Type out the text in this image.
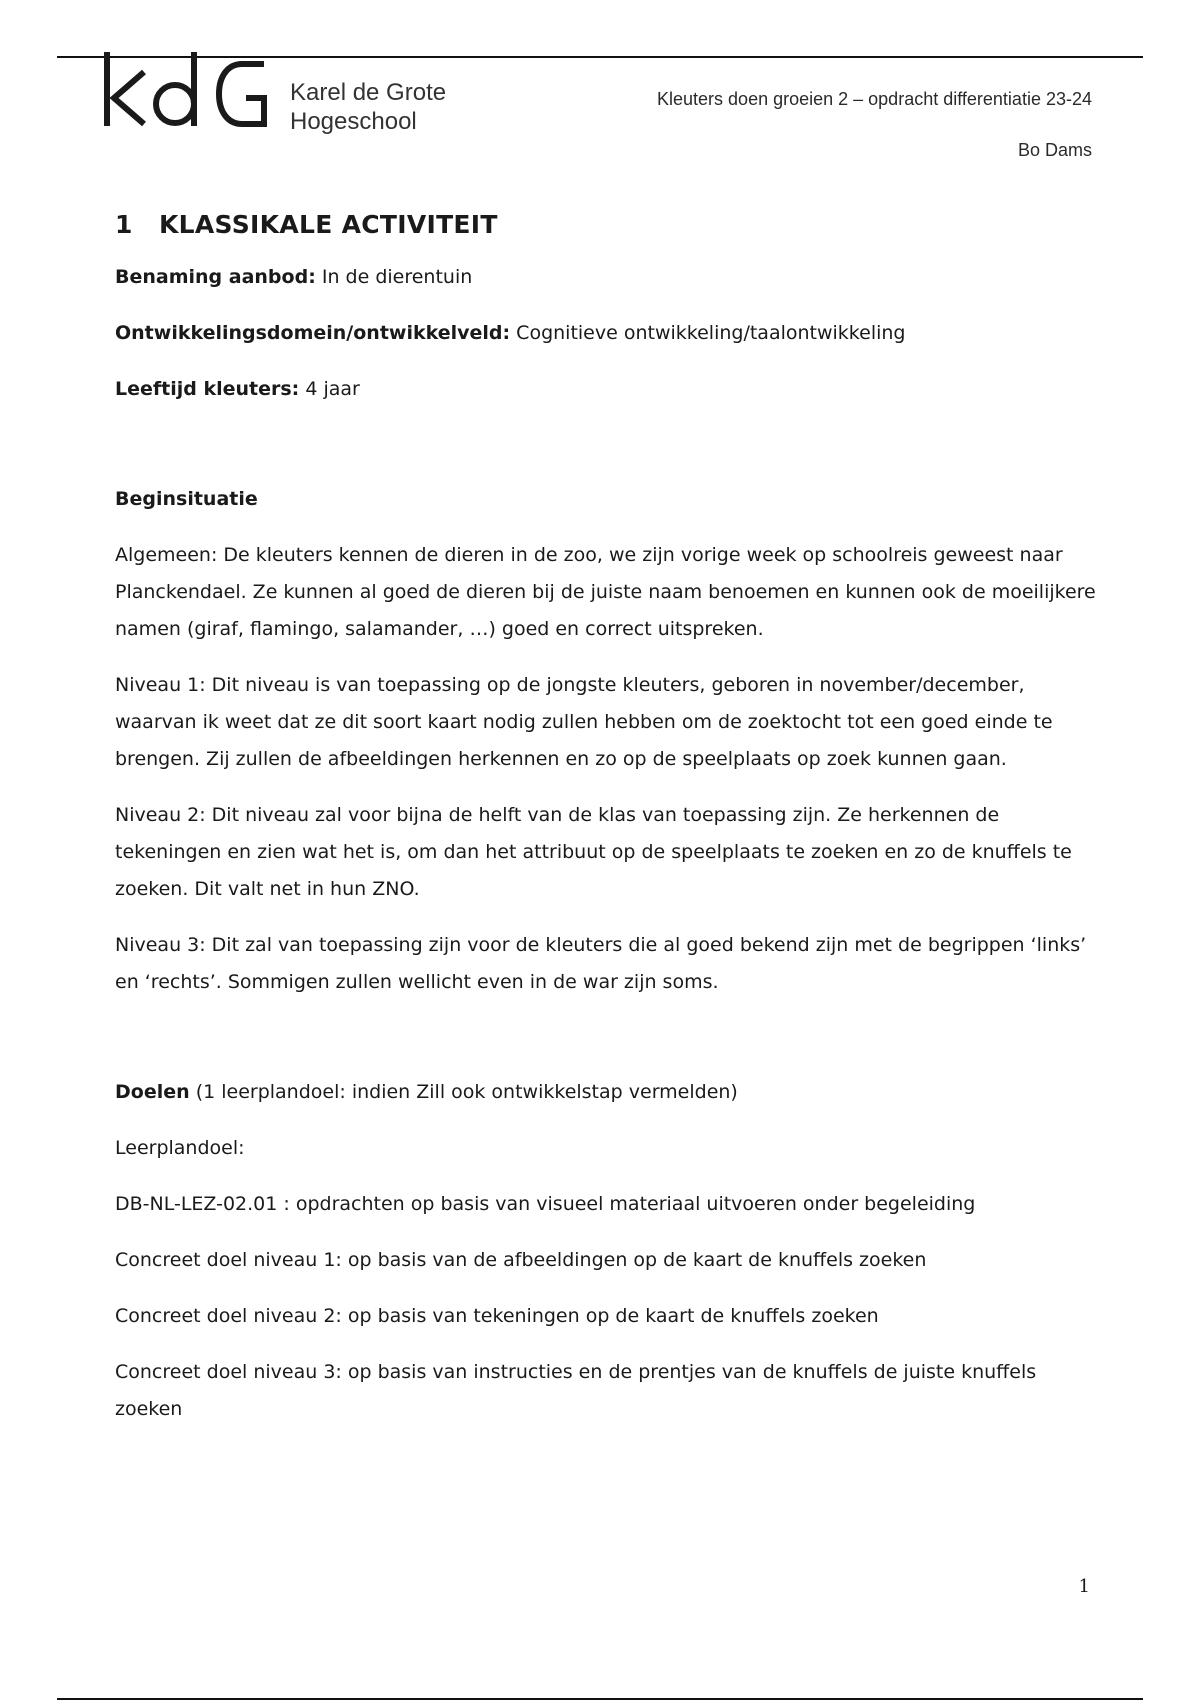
Karel de Grote
Hogeschool
Kleuters doen groeien 2 – opdracht differentiatie 23-24
Bo Dams
1 KLASSIKALE ACTIVITEIT

Benaming aanbod: In de dierentuin

Ontwikkelingsdomein/ontwikkelveld: Cognitieve ontwikkeling/taalontwikkeling

Leeftijd kleuters: 4 jaar

Beginsituatie

Algemeen: De kleuters kennen de dieren in de zoo, we zijn vorige week op schoolreis geweest naar Planckendael. Ze kunnen al goed de dieren bij de juiste naam benoemen en kunnen ook de moeilijkere namen (giraf, flamingo, salamander, …) goed en correct uitspreken.

Niveau 1: Dit niveau is van toepassing op de jongste kleuters, geboren in november/december, waarvan ik weet dat ze dit soort kaart nodig zullen hebben om de zoektocht tot een goed einde te brengen. Zij zullen de afbeeldingen herkennen en zo op de speelplaats op zoek kunnen gaan.

Niveau 2: Dit niveau zal voor bijna de helft van de klas van toepassing zijn. Ze herkennen de tekeningen en zien wat het is, om dan het attribuut op de speelplaats te zoeken en zo de knuffels te zoeken. Dit valt net in hun ZNO.

Niveau 3: Dit zal van toepassing zijn voor de kleuters die al goed bekend zijn met de begrippen ‘links’ en ‘rechts’. Sommigen zullen wellicht even in de war zijn soms.

Doelen (1 leerplandoel: indien Zill ook ontwikkelstap vermelden)

Leerplandoel:

DB-NL-LEZ-02.01 : opdrachten op basis van visueel materiaal uitvoeren onder begeleiding

Concreet doel niveau 1: op basis van de afbeeldingen op de kaart de knuffels zoeken

Concreet doel niveau 2: op basis van tekeningen op de kaart de knuffels zoeken

Concreet doel niveau 3: op basis van instructies en de prentjes van de knuffels de juiste knuffels zoeken

1
